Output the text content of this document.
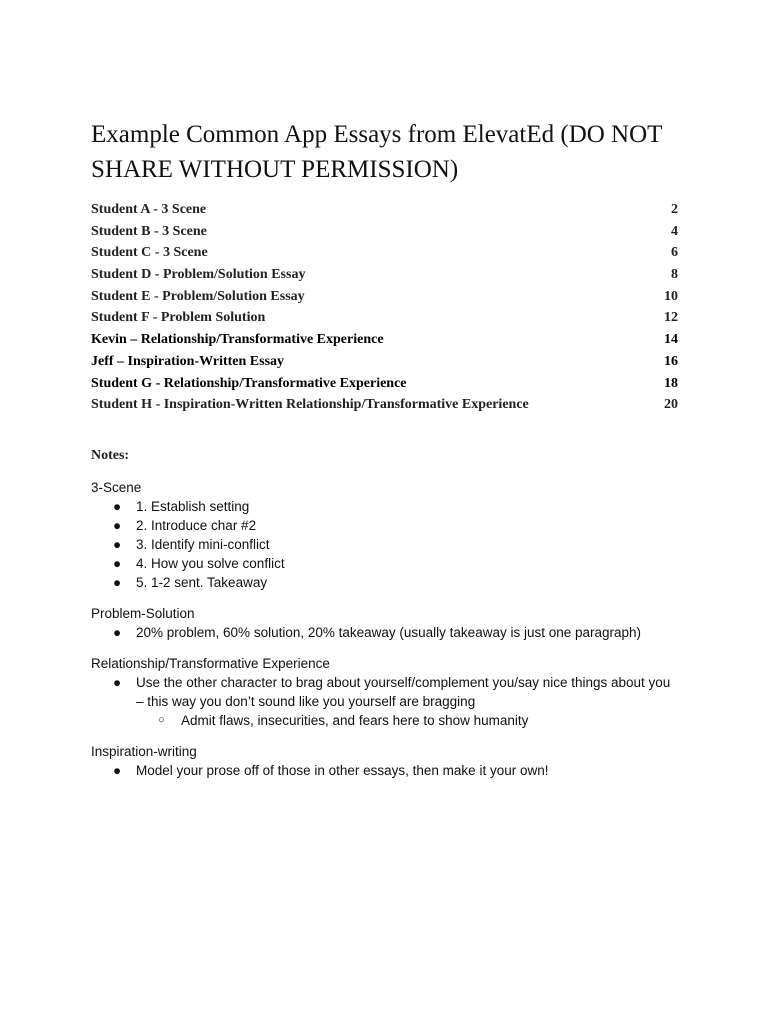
Example Common App Essays from ElevatEd (DO NOT SHARE WITHOUT PERMISSION)
Student A - 3 Scene	2
Student B - 3 Scene	4
Student C - 3 Scene	6
Student D - Problem/Solution Essay	8
Student E - Problem/Solution Essay	10
Student F - Problem Solution	12
Kevin – Relationship/Transformative Experience	14
Jeff – Inspiration-Written Essay	16
Student G - Relationship/Transformative Experience	18
Student H - Inspiration-Written Relationship/Transformative Experience	20
Notes:
3-Scene
● 1. Establish setting
● 2. Introduce char #2
● 3. Identify mini-conflict
● 4. How you solve conflict
● 5. 1-2 sent. Takeaway
Problem-Solution
● 20% problem, 60% solution, 20% takeaway (usually takeaway is just one paragraph)
Relationship/Transformative Experience
● Use the other character to brag about yourself/complement you/say nice things about you – this way you don’t sound like you yourself are bragging
○ Admit flaws, insecurities, and fears here to show humanity
Inspiration-writing
● Model your prose off of those in other essays, then make it your own!
